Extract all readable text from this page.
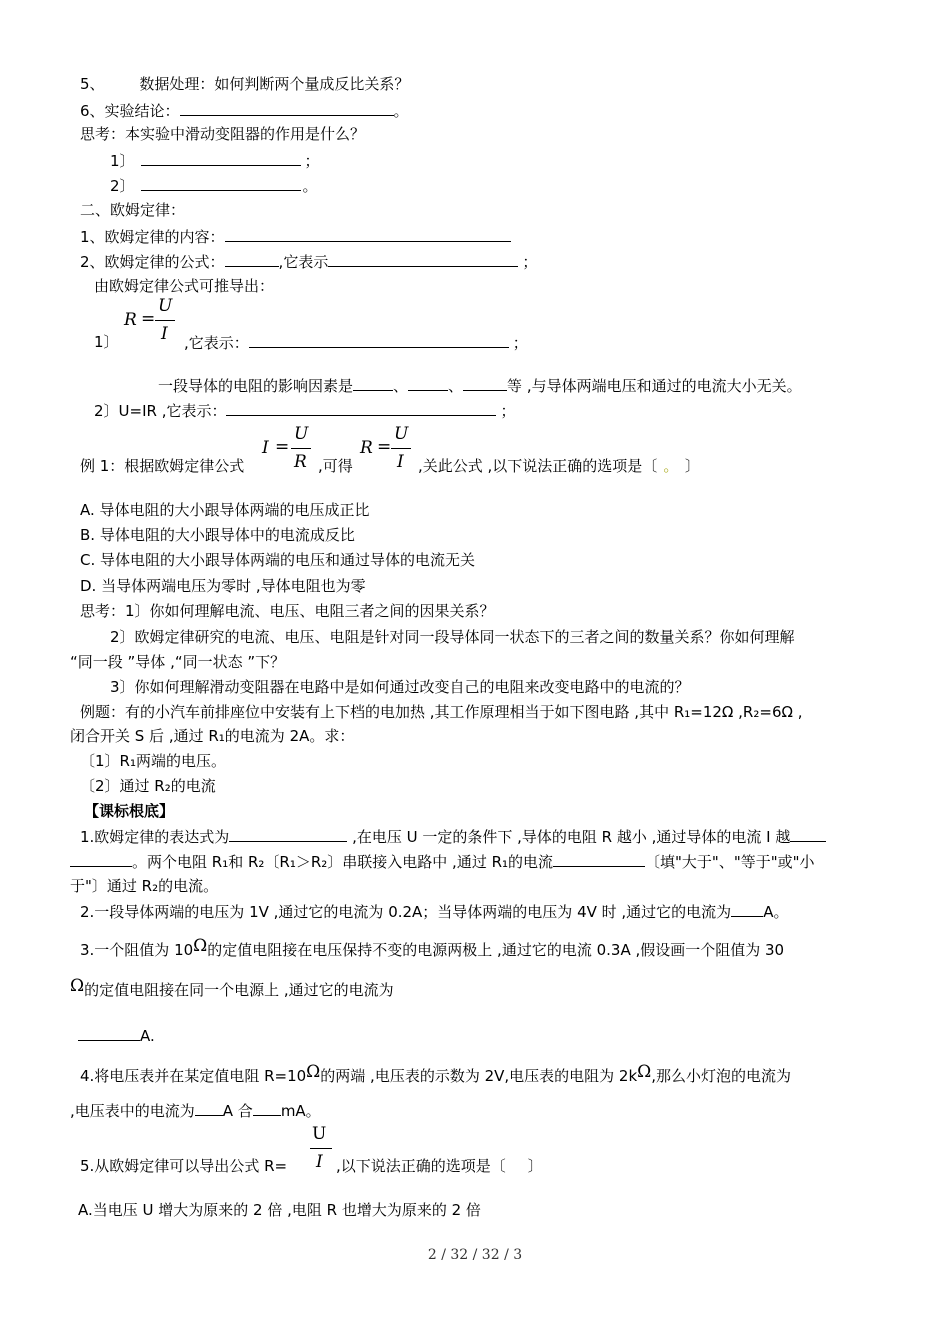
5、 数据处理：如何判断两个量成反比关系？
6、实验结论：	。
思考：本实验中滑动变阻器的作用是什么？
1〕	；
2〕	。
二、欧姆定律：
1、欧姆定律的内容：
2、欧姆定律的公式：	,它表示	；
由欧姆定律公式可推导出：
R =
U
I
1〕	,它表示：	；
一段导体的电阻的影响因素是	、	、	等 ,与导体两端电压和通过的电流大小无关。
2〕U=IR ,它表示：	；
I =
U
R
R =
U
I
例 1：根据欧姆定律公式	,可得	,关此公式 ,以下说法正确的选项是〔 。 〕
A. 导体电阻的大小跟导体两端的电压成正比
B. 导体电阻的大小跟导体中的电流成反比
C. 导体电阻的大小跟导体两端的电压和通过导体的电流无关
D. 当导体两端电压为零时 ,导体电阻也为零
思考：1〕你如何理解电流、电压、电阻三者之间的因果关系？
2〕欧姆定律研究的电流、电压、电阻是针对同一段导体同一状态下的三者之间的数量关系？你如何理解
“同一段 ”导体 ,“同一状态 ”下？
3〕你如何理解滑动变阻器在电路中是如何通过改变自己的电阻来改变电路中的电流的？
例题：有的小汽车前排座位中安装有上下档的电加热 ,其工作原理相当于如下图电路 ,其中 R₁=12Ω ,R₂=6Ω ,
闭合开关 S 后 ,通过 R₁的电流为 2A。求：
〔1〕R₁两端的电压。
〔2〕通过 R₂的电流
【课标根底】
1.欧姆定律的表达式为	,在电压 U 一定的条件下 ,导体的电阻 R 越小 ,通过导体的电流 I 越
。两个电阻 R₁和 R₂〔R₁＞R₂〕串联接入电路中 ,通过 R₁的电流	〔填"大于"、"等于"或"小
于"〕通过 R₂的电流。
2.一段导体两端的电压为 1V ,通过它的电流为 0.2A；当导体两端的电压为 4V 时 ,通过它的电流为 A。
3.一个阻值为 10Ω的定值电阻接在电压保持不变的电源两极上 ,通过它的电流 0.3A ,假设画一个阻值为 30
Ω的定值电阻接在同一个电源上 ,通过它的电流为
A.
4.将电压表并在某定值电阻 R=10Ω的两端 ,电压表的示数为 2V,电压表的电阻为 2kΩ,那么小灯泡的电流为
,电压表中的电流为 A 合 mA。
U
I
5.从欧姆定律可以导出公式 R=	,以下说法正确的选项是〔 〕
A.当电压 U 增大为原来的 2 倍 ,电阻 R 也增大为原来的 2 倍
2 / 32 / 32 / 3
